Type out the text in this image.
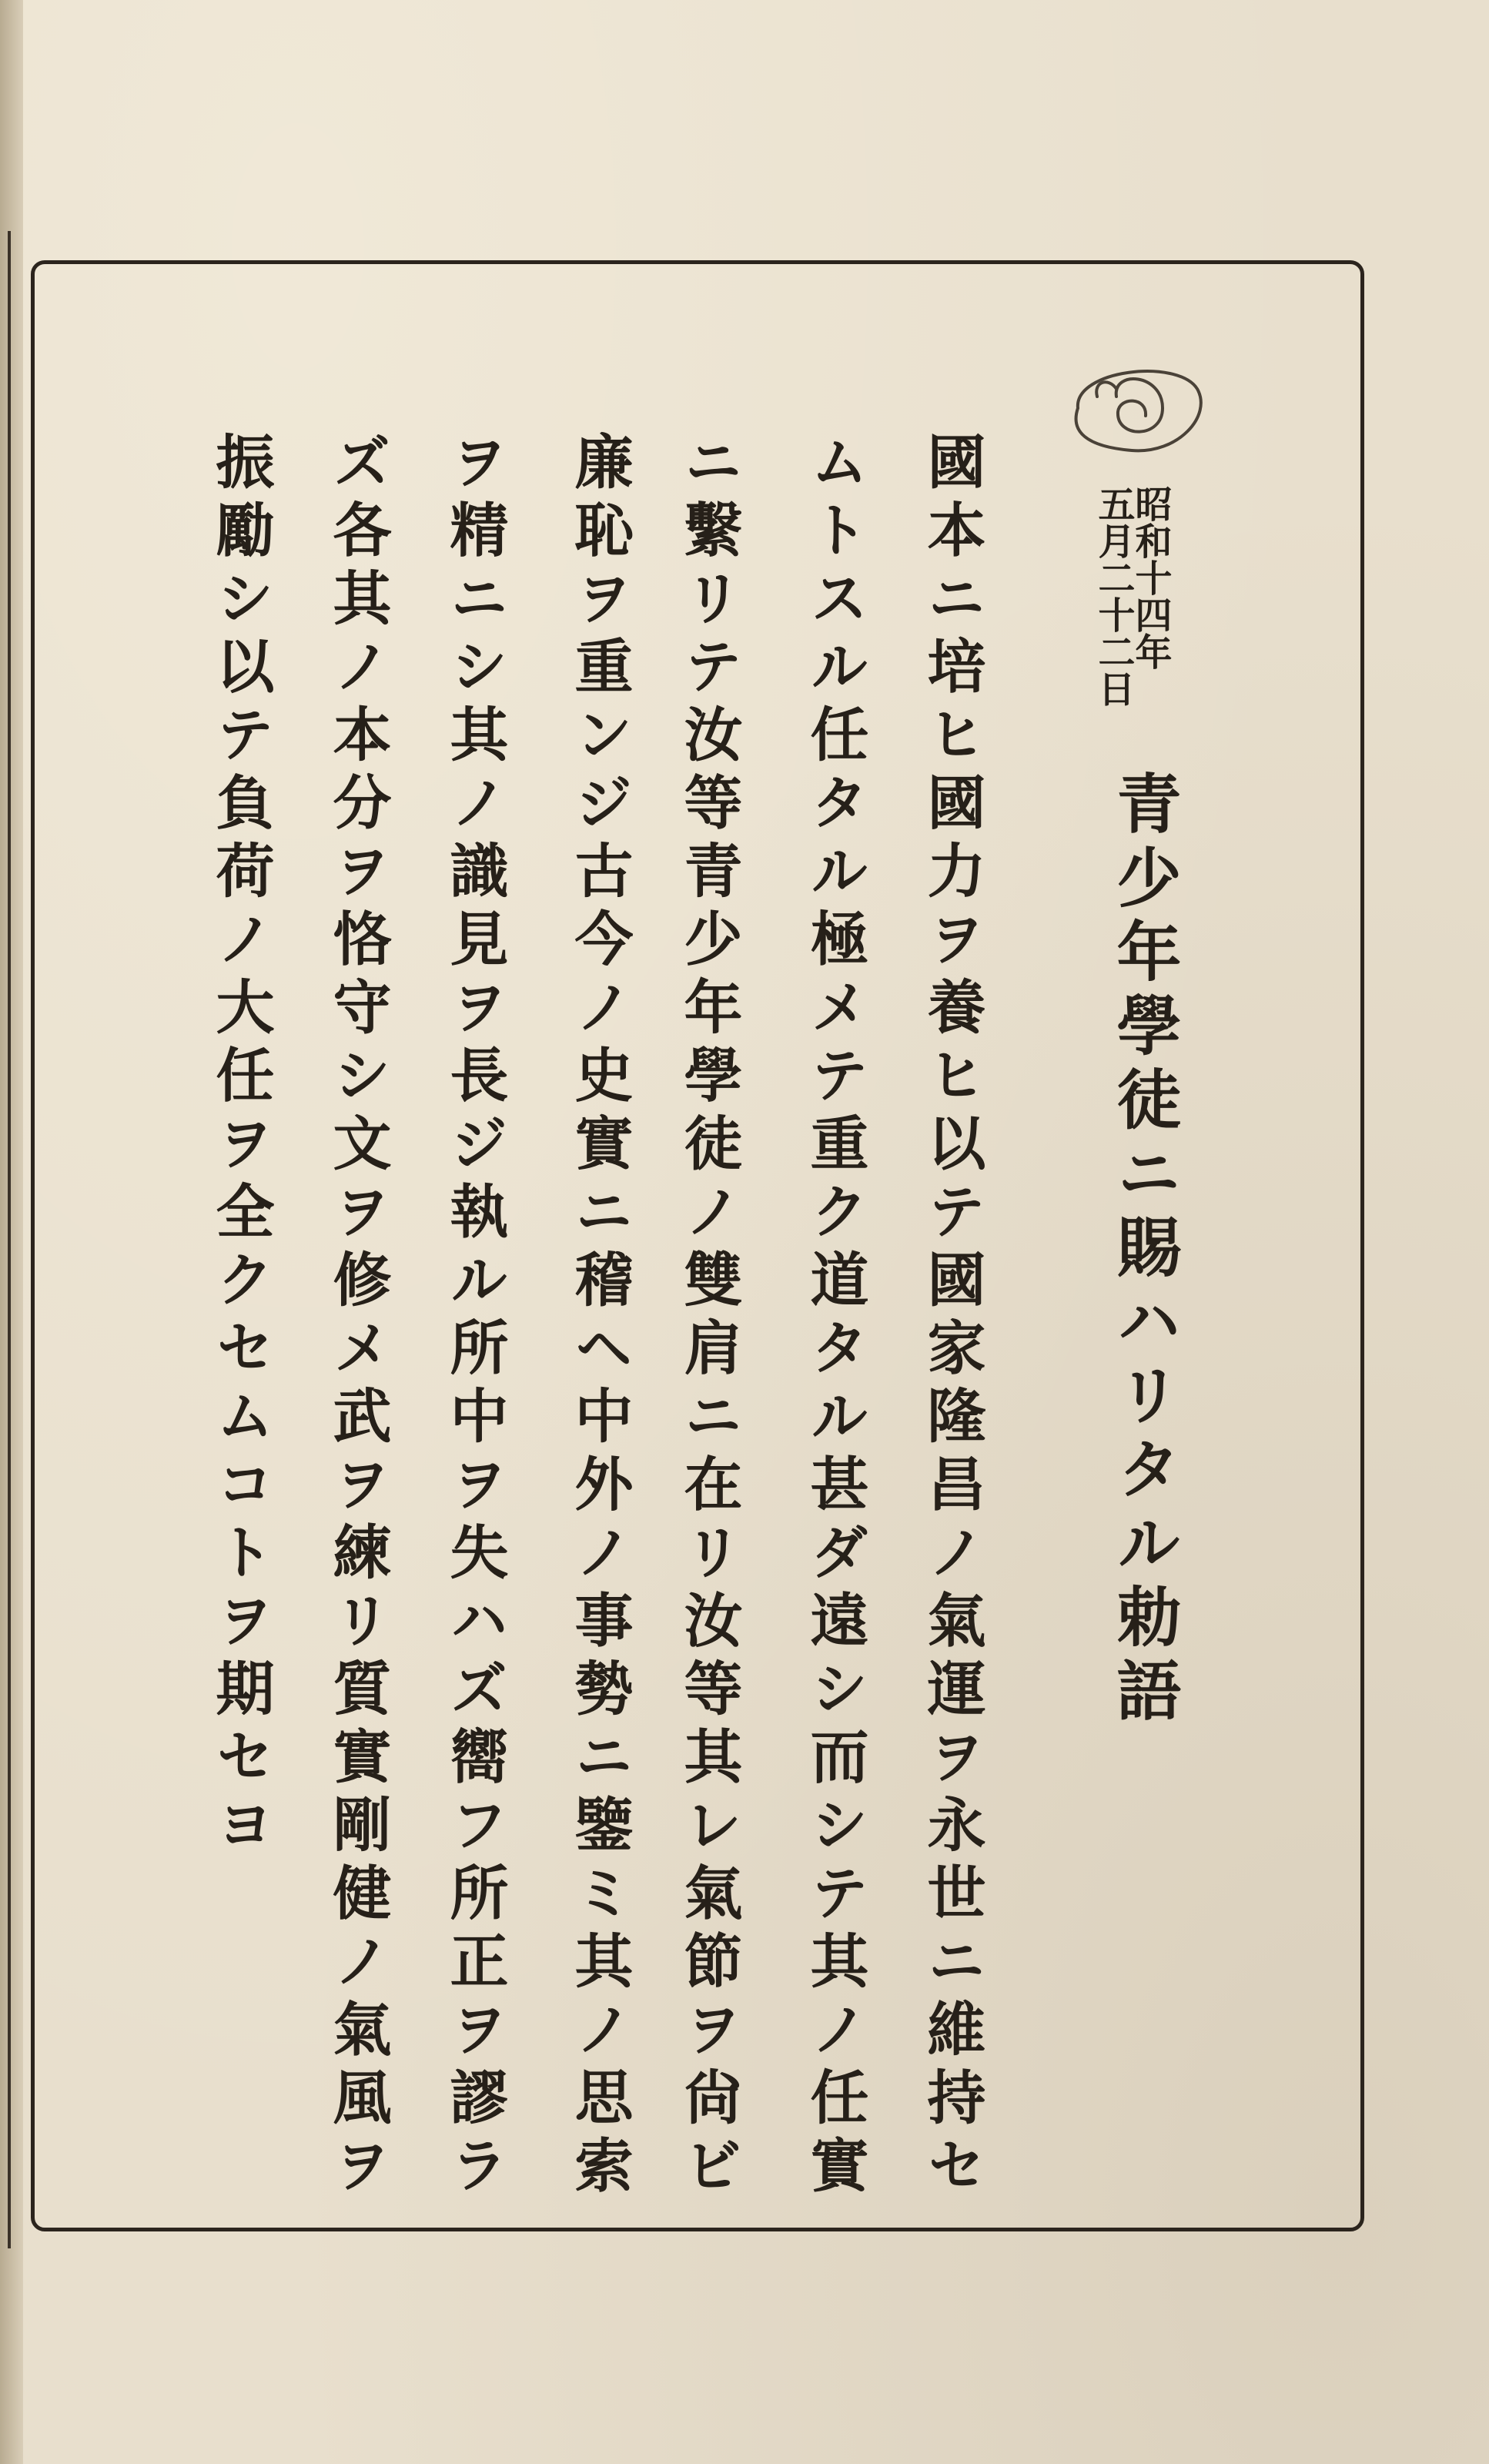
青少年學徒ニ賜ハリタル勅語
昭和十四年
五月二十二日

國本ニ培ヒ國力ヲ養ヒ以テ國家隆昌ノ氣運ヲ永世ニ維持セ

ムトスル任タル極メテ重ク道タル甚ダ遠シ而シテ其ノ任實

ニ繫リテ汝等青少年學徒ノ雙肩ニ在リ汝等其レ氣節ヲ尙ビ

廉恥ヲ重ンジ古今ノ史實ニ稽ヘ中外ノ事勢ニ鑒ミ其ノ思索

ヲ精ニシ其ノ識見ヲ長ジ執ル所中ヲ失ハズ嚮フ所正ヲ謬ラ

ズ各其ノ本分ヲ恪守シ文ヲ修メ武ヲ練リ質實剛健ノ氣風ヲ

振勵シ以テ負荷ノ大任ヲ全クセムコトヲ期セヨ
